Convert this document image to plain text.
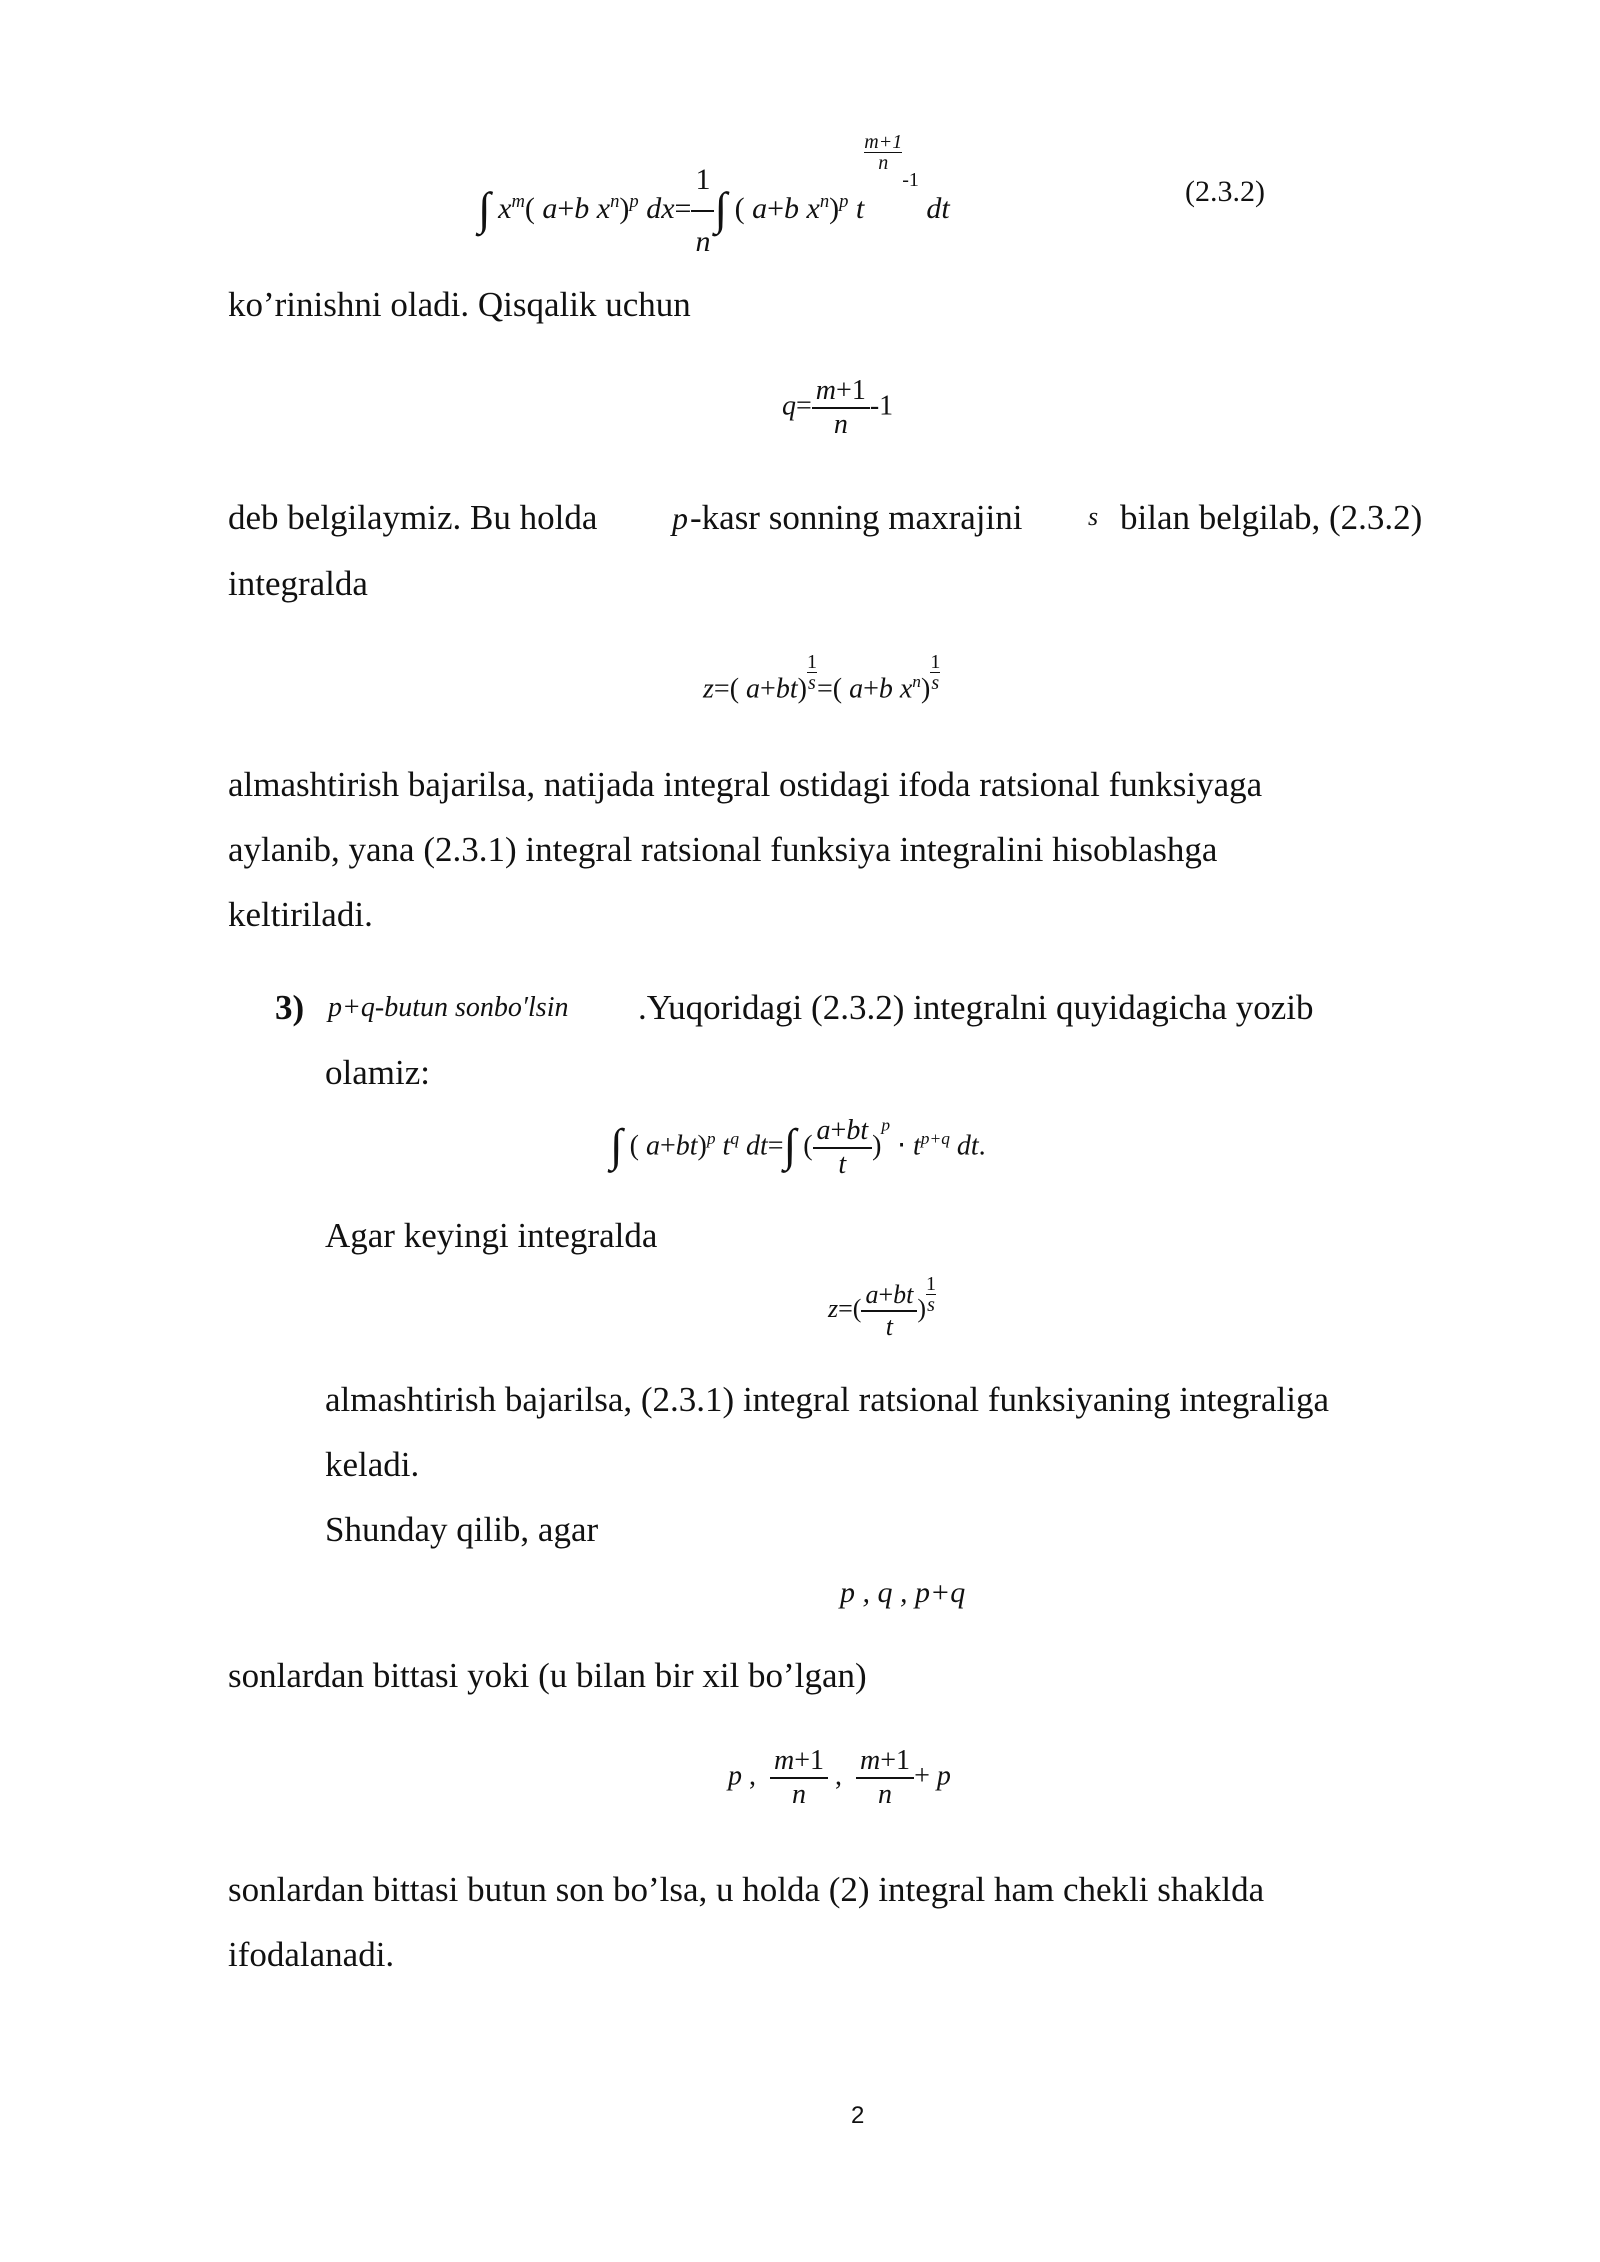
∫ $x^m$( a+b $x^n)^p$ $dx= \frac{1}{n}$ ∫ ( a+b $x^n)^p$ t
$\frac{m+1}{n}$
$^{-1}$ dt
(2.3.2)
ko’rinishni oladi. Qisqalik uchun
$q= \frac{m+1}{n} -1$
deb belgilaymiz. Bu holda p -kasr sonning maxrajini	s bilan belgilab, (2.3.2)
integralda
z=( $a+bt) \frac{1}{s}$ =( a+b $x^n) \frac{1}{s}$
almashtirish bajarilsa, natijada integral ostidagi ifoda ratsional funksiyaga
aylanib, yana (2.3.1) integral ratsional funksiya integralini hisoblashga
keltiriladi.
3) p+q-butun sonbo′lsin .Yuqoridagi (2.3.2) integralni quyidagicha yozib
olamiz:
∫ ( a+bt)$^p$ $t^q$ dt=∫ ( $\frac{a+bt}{t} )^p \cdot t^{p+q}$ dt.
Agar keyingi integralda
$z=( \frac{a+bt}{t}$ ) $\frac{1}{s}$
almashtirish bajarilsa, (2.3.1) integral ratsional funksiyaning integraliga
keladi.
Shunday qilib, agar
p , q , p+q
sonlardan bittasi yoki (u bilan bir xil bo’lgan)
p , $\frac{m+1}{n}$ , $\frac{m+1}{n} + p$
sonlardan bittasi butun son bo’lsa, u holda (2) integral ham chekli shaklda
ifodalanadi.
2
